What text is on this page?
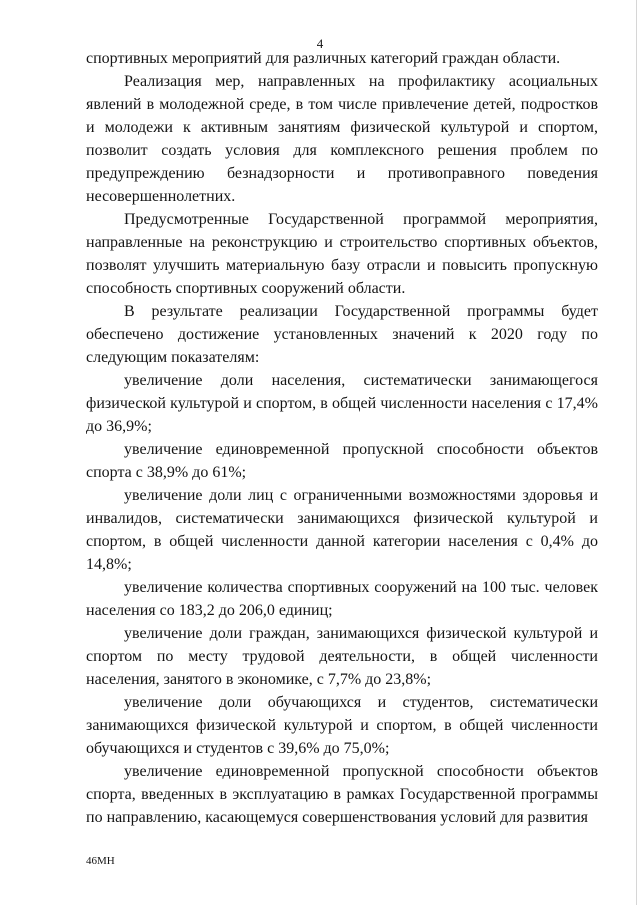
4

спортивных мероприятий для различных категорий граждан области.

Реализация мер, направленных на профилактику асоциальных явлений в молодежной среде, в том числе привлечение детей, подростков и молодежи к активным занятиям физической культурой и спортом, позволит создать условия для комплексного решения проблем по предупреждению безнадзорности и противоправного поведения несовершеннолетних.

Предусмотренные Государственной программой мероприятия, направленные на реконструкцию и строительство спортивных объектов, позволят улучшить материальную базу отрасли и повысить пропускную способность спортивных сооружений области.

В результате реализации Государственной программы будет обеспечено достижение установленных значений к 2020 году по следующим показателям:

увеличение доли населения, систематически занимающегося физической культурой и спортом, в общей численности населения с 17,4% до 36,9%;

увеличение единовременной пропускной способности объектов спорта с 38,9% до 61%;

увеличение доли лиц с ограниченными возможностями здоровья и инвалидов, систематически занимающихся физической культурой и спортом, в общей численности данной категории населения с 0,4% до 14,8%;

увеличение количества спортивных сооружений на 100 тыс. человек населения со 183,2 до 206,0 единиц;

увеличение доли граждан, занимающихся физической культурой и спортом по месту трудовой деятельности, в общей численности населения, занятого в экономике, с 7,7% до 23,8%;

увеличение доли обучающихся и студентов, систематически занимающихся физической культурой и спортом, в общей численности обучающихся и студентов с 39,6% до 75,0%;

увеличение единовременной пропускной способности объектов спорта, введенных в эксплуатацию в рамках Государственной программы по направлению, касающемуся совершенствования условий для развития

46МН
